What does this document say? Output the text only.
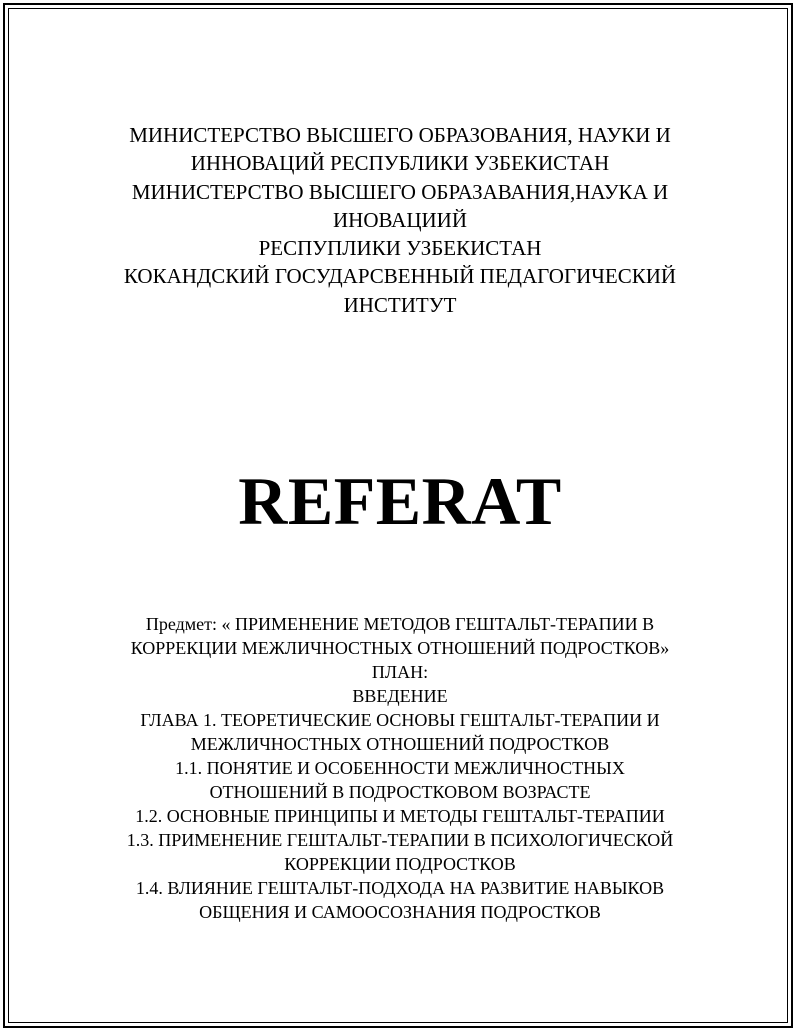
МИНИСТЕРСТВО ВЫСШЕГО ОБРАЗОВАНИЯ, НАУКИ И
ИННОВАЦИЙ РЕСПУБЛИКИ УЗБЕКИСТАН
МИНИСТЕРСТВО ВЫСШЕГО ОБРАЗАВАНИЯ,НАУКА И
ИНОВАЦИИЙ
РЕСПУПЛИКИ УЗБЕКИСТАН
КОКАНДСКИЙ ГОСУДАРСВЕННЫЙ ПЕДАГОГИЧЕСКИЙ
ИНСТИТУТ
REFERAT
Предмет: « ПРИМЕНЕНИЕ МЕТОДОВ ГЕШТАЛЬТ-ТЕРАПИИ В
КОРРЕКЦИИ МЕЖЛИЧНОСТНЫХ ОТНОШЕНИЙ ПОДРОСТКОВ»
ПЛАН:
ВВЕДЕНИЕ
ГЛАВА 1. ТЕОРЕТИЧЕСКИЕ ОСНОВЫ ГЕШТАЛЬТ-ТЕРАПИИ И
МЕЖЛИЧНОСТНЫХ ОТНОШЕНИЙ ПОДРОСТКОВ
1.1. ПОНЯТИЕ И ОСОБЕННОСТИ МЕЖЛИЧНОСТНЫХ
ОТНОШЕНИЙ В ПОДРОСТКОВОМ ВОЗРАСТЕ
1.2. ОСНОВНЫЕ ПРИНЦИПЫ И МЕТОДЫ ГЕШТАЛЬТ-ТЕРАПИИ
1.3. ПРИМЕНЕНИЕ ГЕШТАЛЬТ-ТЕРАПИИ В ПСИХОЛОГИЧЕСКОЙ
КОРРЕКЦИИ ПОДРОСТКОВ
1.4. ВЛИЯНИЕ ГЕШТАЛЬТ-ПОДХОДА НА РАЗВИТИЕ НАВЫКОВ
ОБЩЕНИЯ И САМООСОЗНАНИЯ ПОДРОСТКОВ
